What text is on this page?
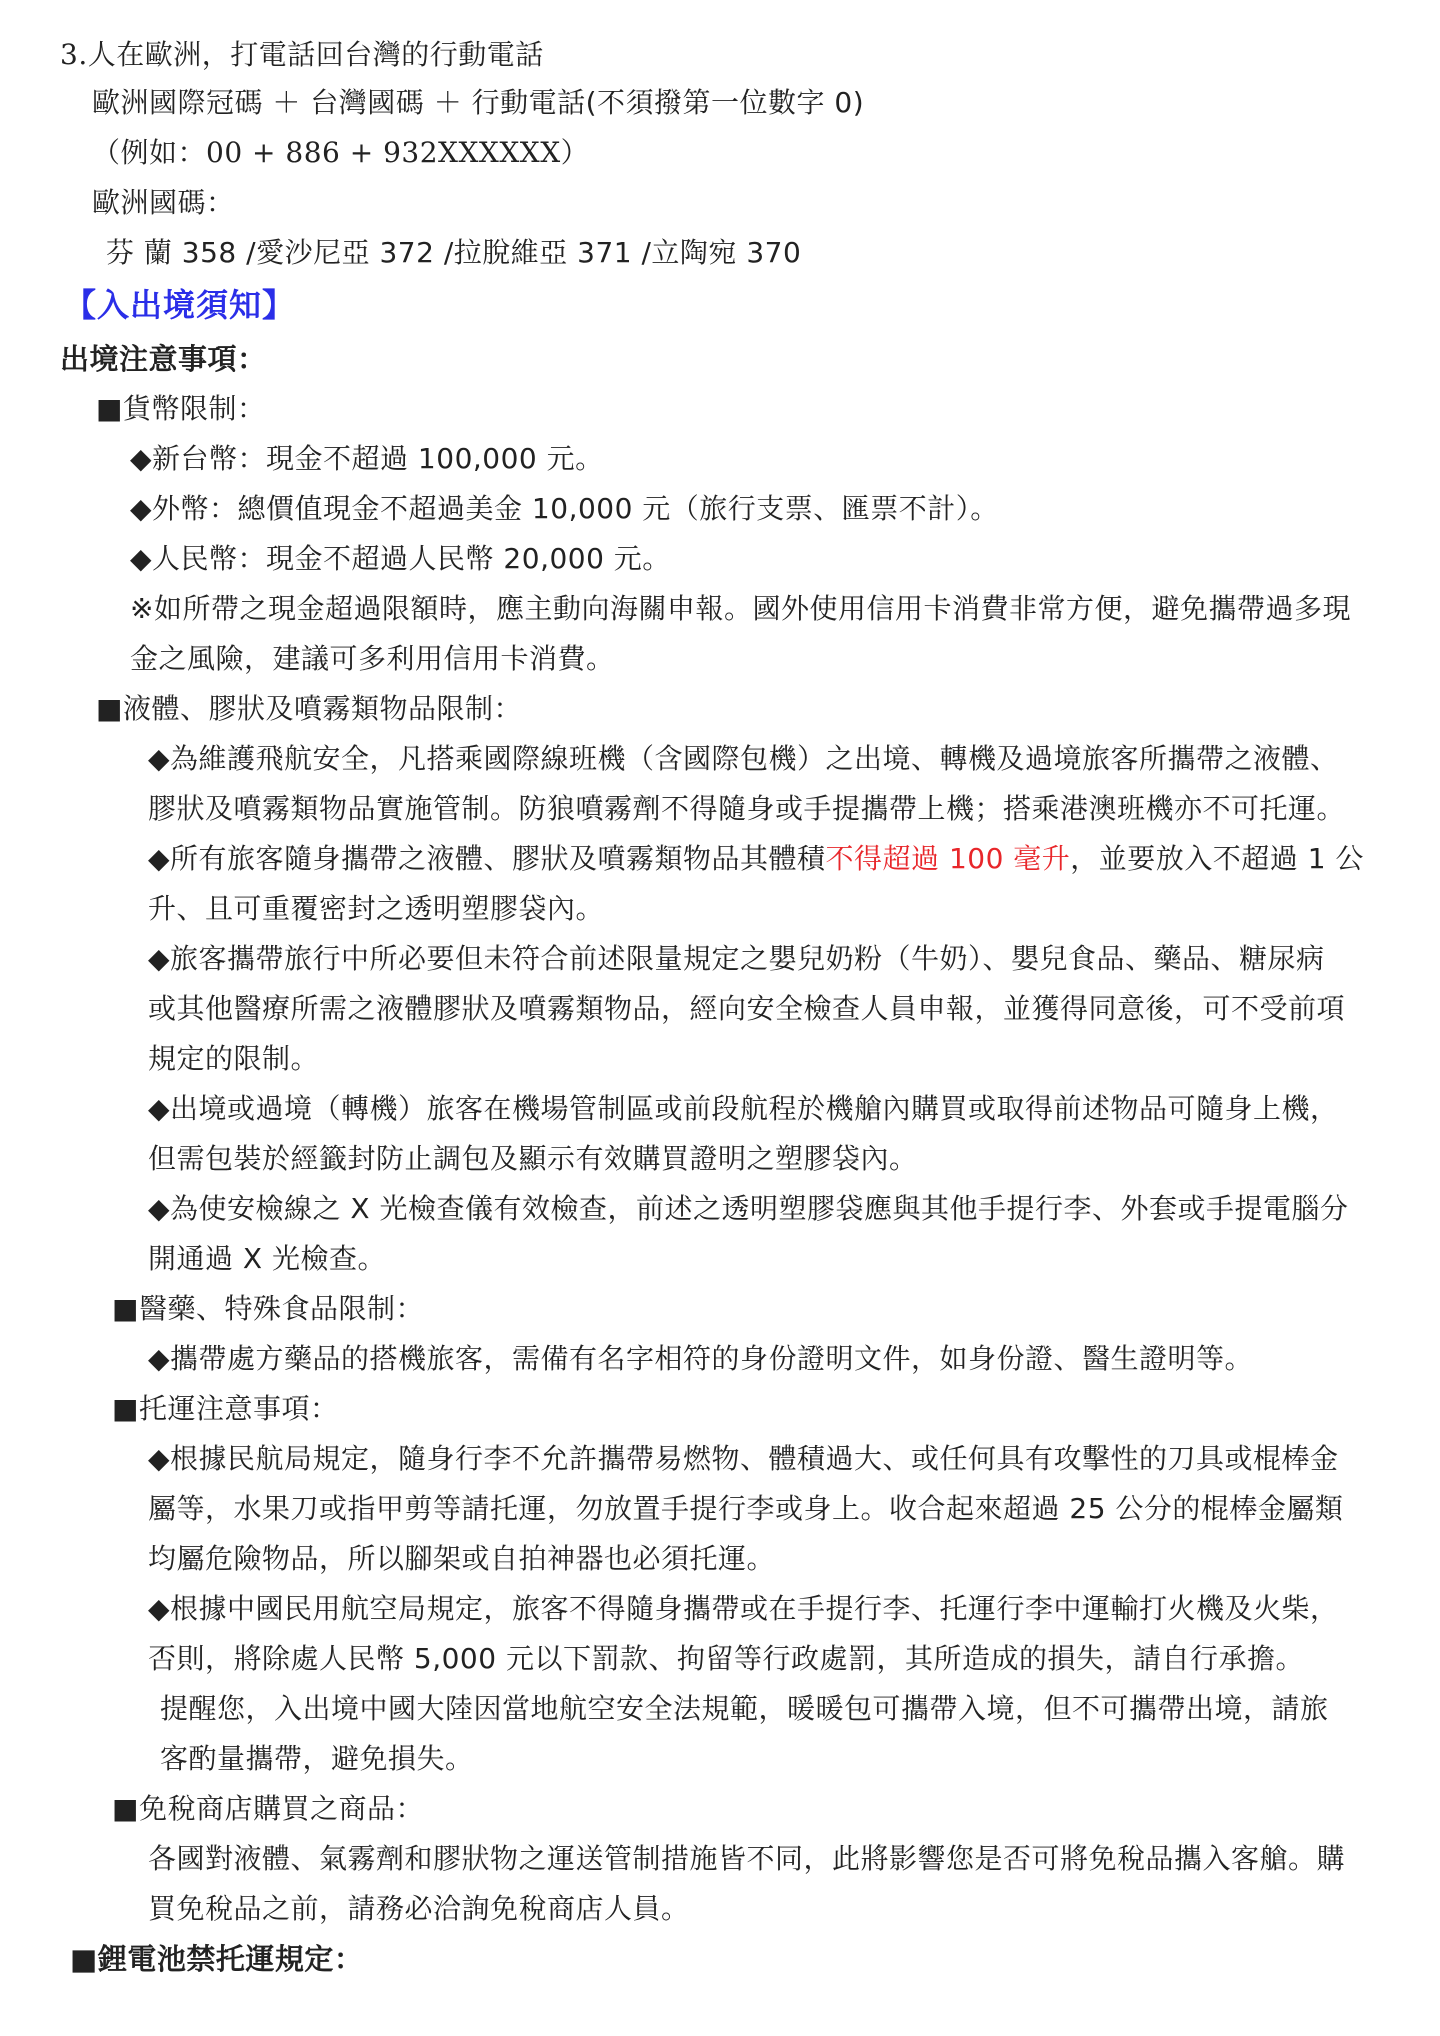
3.人在歐洲，打電話回台灣的行動電話
歐洲國際冠碼 ＋ 台灣國碼 ＋ 行動電話(不須撥第一位數字 0)
（例如：00 + 886 + 932XXXXXX）
歐洲國碼：
芬 蘭 358 /愛沙尼亞 372 /拉脫維亞 371 /立陶宛 370
【入出境須知】
出境注意事項：
■貨幣限制：
◆新台幣：現金不超過 100,000 元。
◆外幣：總價值現金不超過美金 10,000 元（旅行支票、匯票不計）。
◆人民幣：現金不超過人民幣 20,000 元。
※如所帶之現金超過限額時，應主動向海關申報。國外使用信用卡消費非常方便，避免攜帶過多現
金之風險，建議可多利用信用卡消費。
■液體、膠狀及噴霧類物品限制：
◆為維護飛航安全，凡搭乘國際線班機（含國際包機）之出境、轉機及過境旅客所攜帶之液體、
膠狀及噴霧類物品實施管制。防狼噴霧劑不得隨身或手提攜帶上機；搭乘港澳班機亦不可托運。
◆所有旅客隨身攜帶之液體、膠狀及噴霧類物品其體積不得超過 100 毫升，並要放入不超過 1 公
升、且可重覆密封之透明塑膠袋內。
◆旅客攜帶旅行中所必要但未符合前述限量規定之嬰兒奶粉（牛奶）、嬰兒食品、藥品、糖尿病
或其他醫療所需之液體膠狀及噴霧類物品，經向安全檢查人員申報，並獲得同意後，可不受前項
規定的限制。
◆出境或過境（轉機）旅客在機場管制區或前段航程於機艙內購買或取得前述物品可隨身上機，
但需包裝於經籤封防止調包及顯示有效購買證明之塑膠袋內。
◆為使安檢線之 X 光檢查儀有效檢查，前述之透明塑膠袋應與其他手提行李、外套或手提電腦分
開通過 X 光檢查。
■醫藥、特殊食品限制：
◆攜帶處方藥品的搭機旅客，需備有名字相符的身份證明文件，如身份證、醫生證明等。
■托運注意事項：
◆根據民航局規定，隨身行李不允許攜帶易燃物、體積過大、或任何具有攻擊性的刀具或棍棒金
屬等，水果刀或指甲剪等請托運，勿放置手提行李或身上。收合起來超過 25 公分的棍棒金屬類
均屬危險物品，所以腳架或自拍神器也必須托運。
◆根據中國民用航空局規定，旅客不得隨身攜帶或在手提行李、托運行李中運輸打火機及火柴，
否則，將除處人民幣 5,000 元以下罰款、拘留等行政處罰，其所造成的損失，請自行承擔。
提醒您，入出境中國大陸因當地航空安全法規範，暖暖包可攜帶入境，但不可攜帶出境，請旅
客酌量攜帶，避免損失。
■免稅商店購買之商品：
各國對液體、氣霧劑和膠狀物之運送管制措施皆不同，此將影響您是否可將免稅品攜入客艙。購
買免稅品之前，請務必洽詢免稅商店人員。
■鋰電池禁托運規定：
